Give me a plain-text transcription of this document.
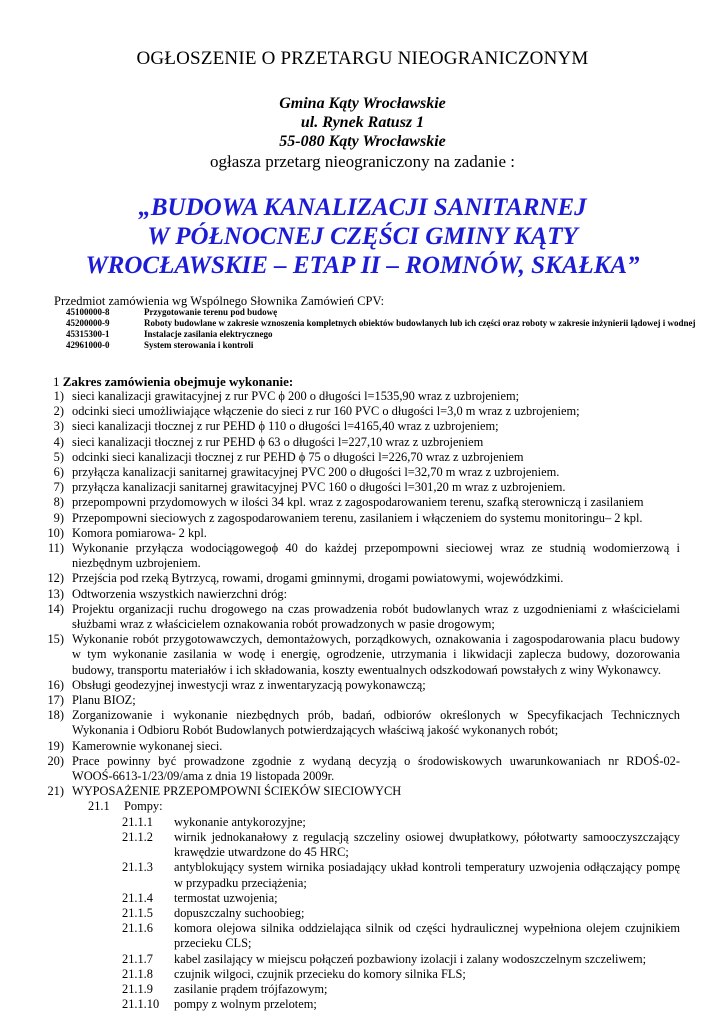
OGŁOSZENIE O PRZETARGU NIEOGRANICZONYM
Gmina Kąty Wrocławskie
ul. Rynek Ratusz 1
55-080 Kąty Wrocławskie
ogłasza przetarg nieograniczony na zadanie :
„BUDOWA KANALIZACJI SANITARNEJ
W PÓŁNOCNEJ CZĘŚCI GMINY KĄTY
WROCŁAWSKIE – ETAP II – ROMNÓW, SKAŁKA”
Przedmiot zamówienia wg Wspólnego Słownika Zamówień CPV:
45100000-8	Przygotowanie terenu pod budowę
45200000-9	Roboty budowlane w zakresie wznoszenia kompletnych obiektów budowlanych lub ich części oraz roboty w zakresie inżynierii lądowej i wodnej
45315300-1	Instalacje zasilania elektrycznego
42961000-0	System sterowania i kontroli
1 Zakres zamówienia obejmuje wykonanie:
1) sieci kanalizacji grawitacyjnej z rur PVC ϕ 200 o długości l=1535,90 wraz z uzbrojeniem;
2) odcinki sieci umożliwiające włączenie do sieci z rur 160 PVC o długości l=3,0 m wraz z uzbrojeniem;
3) sieci kanalizacji tłocznej z rur PEHD ϕ 110 o długości l=4165,40 wraz z uzbrojeniem;
4) sieci kanalizacji tłocznej z rur PEHD ϕ 63 o długości l=227,10 wraz z uzbrojeniem
5) odcinki sieci kanalizacji tłocznej z rur PEHD ϕ 75 o długości l=226,70 wraz z uzbrojeniem
6) przyłącza kanalizacji sanitarnej grawitacyjnej PVC 200 o długości l=32,70 m wraz z uzbrojeniem.
7) przyłącza kanalizacji sanitarnej grawitacyjnej PVC 160 o długości l=301,20 m wraz z uzbrojeniem.
8) przepompowni przydomowych w ilości 34 kpl. wraz z zagospodarowaniem terenu, szafką sterowniczą i zasilaniem
9) Przepompowni sieciowych z zagospodarowaniem terenu, zasilaniem i włączeniem do systemu monitoringu– 2 kpl.
10) Komora pomiarowa- 2 kpl.
11) Wykonanie przyłącza wodociągowegoϕ 40 do każdej przepompowni sieciowej wraz ze studnią wodomierzową i niezbędnym uzbrojeniem.
12) Przejścia pod rzeką Bytrzycą, rowami, drogami gminnymi, drogami powiatowymi, wojewódzkimi.
13) Odtworzenia wszystkich nawierzchni dróg:
14) Projektu organizacji ruchu drogowego na czas prowadzenia robót budowlanych wraz z uzgodnieniami z właścicielami służbami wraz z właścicielem oznakowania robót prowadzonych w pasie drogowym;
15) Wykonanie robót przygotowawczych, demontażowych, porządkowych, oznakowania i zagospodarowania placu budowy w tym wykonanie zasilania w wodę i energię, ogrodzenie, utrzymania i likwidacji zaplecza budowy, dozorowania budowy, transportu materiałów i ich składowania, koszty ewentualnych odszkodowań powstałych z winy Wykonawcy.
16) Obsługi geodezyjnej inwestycji wraz z inwentaryzacją powykonawczą;
17) Planu BIOZ;
18) Zorganizowanie i wykonanie niezbędnych prób, badań, odbiorów określonych w Specyfikacjach Technicznych Wykonania i Odbioru Robót Budowlanych potwierdzających właściwą jakość wykonanych robót;
19) Kamerownie wykonanej sieci.
20) Prace powinny być prowadzone zgodnie z wydaną decyzją o środowiskowych uwarunkowaniach nr RDOŚ-02-WOOŚ-6613-1/23/09/ama z dnia 19 listopada 2009r.
21) WYPOSAŻENIE PRZEPOMPOWNI ŚCIEKÓW SIECIOWYCH
21.1	Pompy:
21.1.1	wykonanie antykorozyjne;
21.1.2	wirnik jednokanałowy z regulacją szczeliny osiowej dwupłatkowy, półotwarty samooczyszczający krawędzie utwardzone do 45 HRC;
21.1.3	antyblokujący system wirnika posiadający układ kontroli temperatury uzwojenia odłączający pompę w przypadku przeciążenia;
21.1.4	termostat uzwojenia;
21.1.5	dopuszczalny suchoobieg;
21.1.6	komora olejowa silnika oddzielająca silnik od części hydraulicznej wypełniona olejem czujnikiem przecieku CLS;
21.1.7	kabel zasilający w miejscu połączeń pozbawiony izolacji i zalany wodoszczelnym szczeliwem;
21.1.8	czujnik wilgoci, czujnik przecieku do komory silnika FLS;
21.1.9	zasilanie prądem trójfazowym;
21.1.10	pompy z wolnym przelotem;
